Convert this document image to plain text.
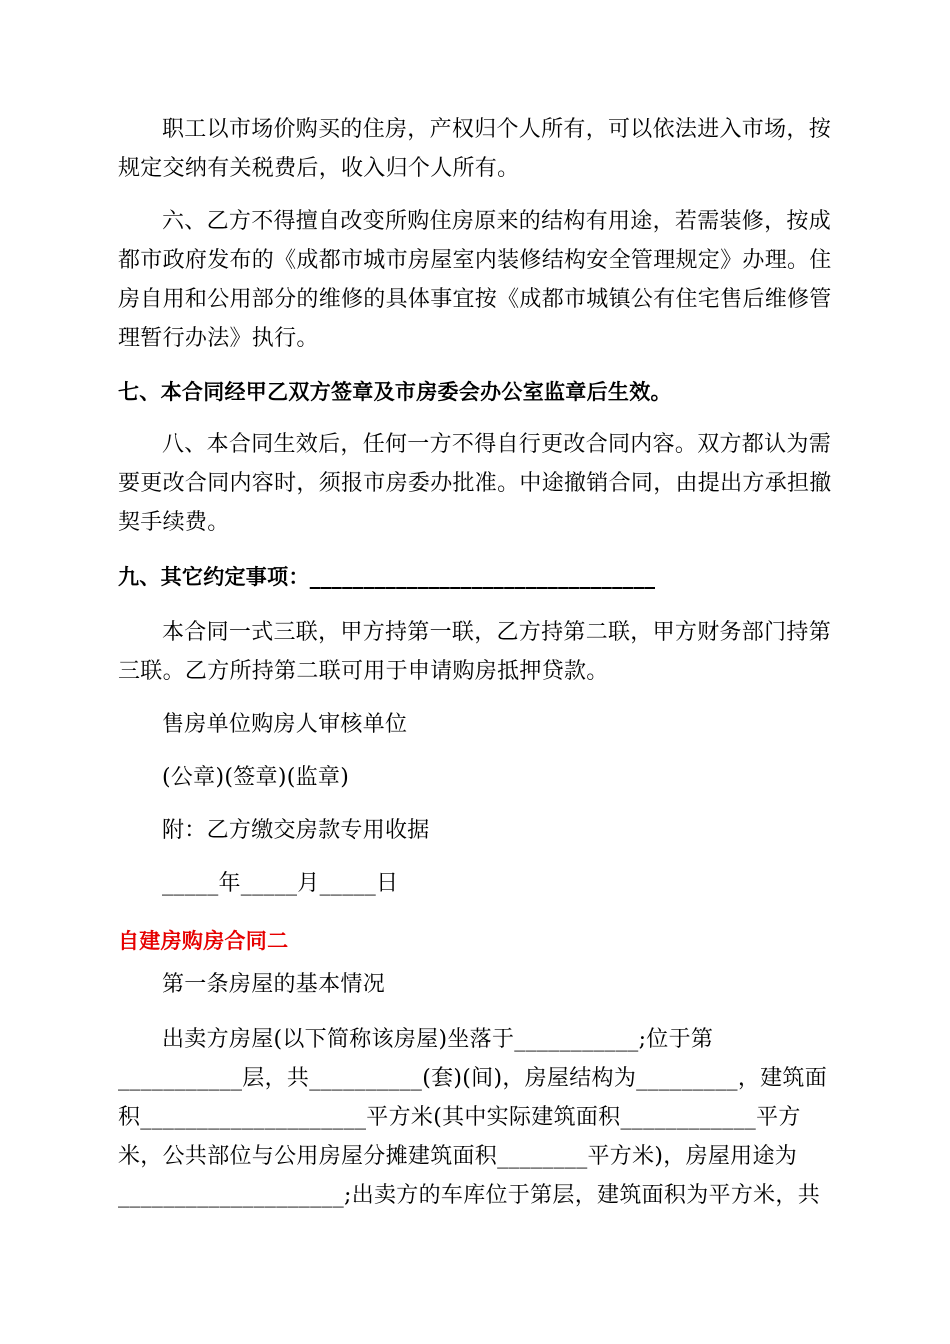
职工以市场价购买的住房，产权归个人所有，可以依法进入市场，按
规定交纳有关税费后，收入归个人所有。
六、乙方不得擅自改变所购住房原来的结构有用途，若需装修，按成
都市政府发布的《成都市城市房屋室内装修结构安全管理规定》办理。住
房自用和公用部分的维修的具体事宜按《成都市城镇公有住宅售后维修管
理暂行办法》执行。
七、本合同经甲乙双方签章及市房委会办公室监章后生效。
八、本合同生效后，任何一方不得自行更改合同内容。双方都认为需
要更改合同内容时，须报市房委办批准。中途撤销合同，由提出方承担撤
契手续费。
九、其它约定事项：________________________________
本合同一式三联，甲方持第一联，乙方持第二联，甲方财务部门持第
三联。乙方所持第二联可用于申请购房抵押贷款。
售房单位购房人审核单位
(公章)(签章)(监章)
附：乙方缴交房款专用收据
_____年_____月_____日
自建房购房合同二
第一条房屋的基本情况
出卖方房屋(以下简称该房屋)坐落于___________;位于第
___________层，共__________(套)(间)，房屋结构为_________，建筑面
积____________________平方米(其中实际建筑面积____________平方
米，公共部位与公用房屋分摊建筑面积________平方米)，房屋用途为
____________________;出卖方的车库位于第层，建筑面积为平方米，共
